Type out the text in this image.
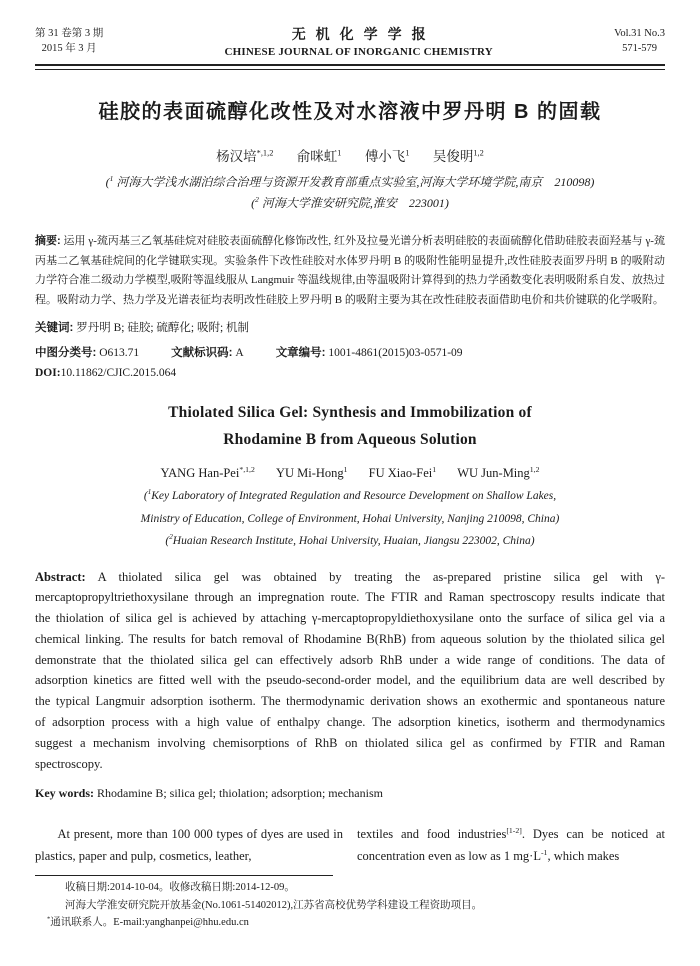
第 31 卷第 3 期
2015 年 3 月
无机化学学报
CHINESE JOURNAL OF INORGANIC CHEMISTRY
Vol.31 No.3
571-579
硅胶的表面硫醇化改性及对水溶液中罗丹明 B 的固载
杨汉培$^{*,1,2}$ 俞咪虹$^1$ 傅小飞$^1$ 吴俊明$^{1,2}$
($^1$ 河海大学浅水湖泊综合治理与资源开发教育部重点实验室,河海大学环境学院,南京　210098)
($^2$ 河海大学淮安研究院,淮安　223001)

摘要: 运用 γ-巯丙基三乙氧基硅烷对硅胶表面硫醇化修饰改性, 红外及拉曼光谱分析表明硅胶的表面硫醇化借助硅胶表面羟基与 γ-巯丙基二乙氧基硅烷间的化学键联实现。实验条件下改性硅胶对水体罗丹明 B 的吸附性能明显提升,改性硅胶表面罗丹明 B 的吸附动力学符合准二级动力学模型,吸附等温线服从 Langmuir 等温线规律,由等温吸附计算得到的热力学函数变化表明吸附系自发、放热过程。吸附动力学、热力学及光谱表征均表明改性硅胶上罗丹明 B 的吸附主要为其在改性硅胶表面借助电价和共价键联的化学吸附。

关键词: 罗丹明 B; 硅胶; 硫醇化; 吸附; 机制

中图分类号: O613.71	文献标识码: A	文章编号: 1001-4861(2015)03-0571-09

DOI:10.11862/CJIC.2015.064

Thiolated Silica Gel: Synthesis and Immobilization of
Rhodamine B from Aqueous Solution
YANG Han-Pei$^{*,1,2}$ YU Mi-Hong$^1$ FU Xiao-Fei$^1$ WU Jun-Ming$^{1,2}$
($^1$Key Laboratory of Integrated Regulation and Resource Development on Shallow Lakes,
Ministry of Education, College of Environment, Hohai University, Nanjing 210098, China)
($^2$Huaian Research Institute, Hohai University, Huaian, Jiangsu 223002, China)

Abstract: A thiolated silica gel was obtained by treating the as-prepared pristine silica gel with γ-mercaptopropyltriethoxysilane through an impregnation route. The FTIR and Raman spectroscopy results indicate that the thiolation of silica gel is achieved by attaching γ-mercaptopropyldiethoxysilane onto the surface of silica gel via a chemical linking. The results for batch removal of Rhodamine B(RhB) from aqueous solution by the thiolated silica gel demonstrate that the thiolated silica gel can effectively adsorb RhB under a wide range of conditions. The data of adsorption kinetics are fitted well with the pseudo-second-order model, and the equilibrium data are well described by the typical Langmuir adsorption isotherm. The thermodynamic derivation shows an exothermic and spontaneous nature of adsorption process with a high value of enthalpy change. The adsorption kinetics, isotherm and thermodynamics suggest a mechanism involving chemisorptions of RhB on thiolated silica gel as confirmed by FTIR and Raman spectroscopy.

Key words: Rhodamine B; silica gel; thiolation; adsorption; mechanism

At present, more than 100 000 types of dyes are used in plastics, paper and pulp, cosmetics, leather,

textiles and food industries[1-2]. Dyes can be noticed at concentration even as low as 1 $mg\cdot L^{-1}$, which makes

收稿日期:2014-10-04。收修改稿日期:2014-12-09。
河海大学淮安研究院开放基金(No.1061-51402012),江苏省高校优势学科建设工程资助项目。
*通讯联系人。E-mail:yanghanpei@hhu.edu.cn
